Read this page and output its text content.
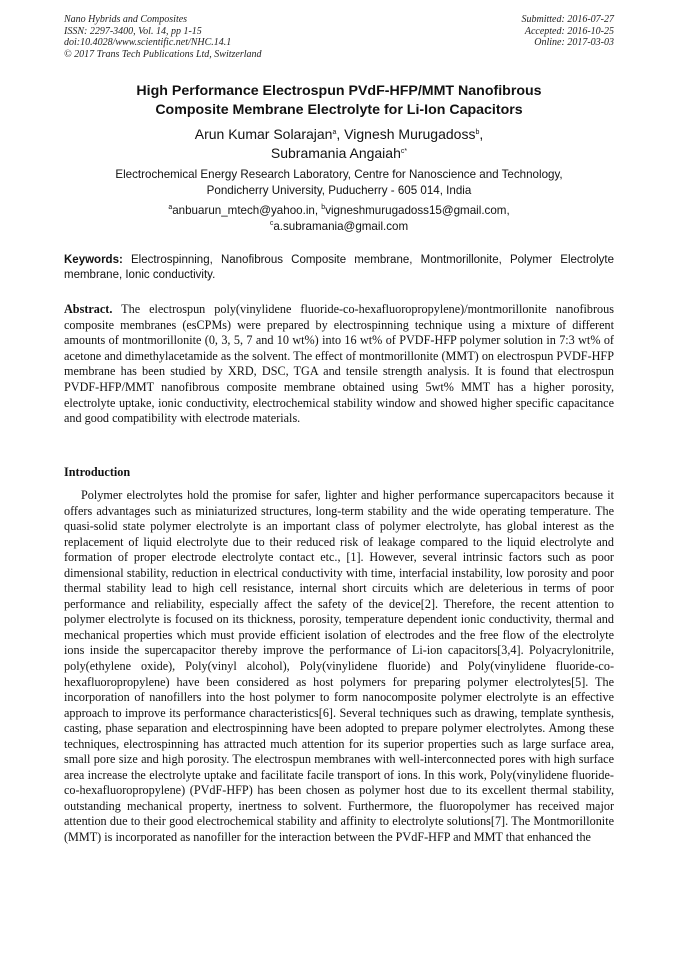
Nano Hybrids and Composites
ISSN: 2297-3400, Vol. 14, pp 1-15
doi:10.4028/www.scientific.net/NHC.14.1
© 2017 Trans Tech Publications Ltd, Switzerland
Submitted: 2016-07-27
Accepted: 2016-10-25
Online: 2017-03-03
High Performance Electrospun PVdF-HFP/MMT Nanofibrous
Composite Membrane Electrolyte for Li-Ion Capacitors
Arun Kumar Solarajan$^a$, Vignesh Murugadoss$^b$,
Subramania Angaiah$^{c*}$
Electrochemical Energy Research Laboratory, Centre for Nanoscience and Technology,
Pondicherry University, Puducherry - 605 014, India
$^a$anbuarun_mtech@yahoo.in, $^b$vigneshmurugadoss15@gmail.com,
$^c$a.subramania@gmail.com
Keywords: Electrospinning, Nanofibrous Composite membrane, Montmorillonite, Polymer Electrolyte membrane, Ionic conductivity.
Abstract. The electrospun poly(vinylidene fluoride-co-hexafluoropropylene)/montmorillonite nanofibrous composite membranes (esCPMs) were prepared by electrospinning technique using a mixture of different amounts of montmorillonite (0, 3, 5, 7 and 10 wt%) into 16 wt% of PVDF-HFP polymer solution in 7:3 wt% of acetone and dimethylacetamide as the solvent. The effect of montmorillonite (MMT) on electrospun PVDF-HFP membrane has been studied by XRD, DSC, TGA and tensile strength analysis. It is found that electrospun PVDF-HFP/MMT nanofibrous composite membrane obtained using 5wt% MMT has a higher porosity, electrolyte uptake, ionic conductivity, electrochemical stability window and showed higher specific capacitance and good compatibility with electrode materials.
Introduction
Polymer electrolytes hold the promise for safer, lighter and higher performance supercapacitors because it offers advantages such as miniaturized structures, long-term stability and the wide operating temperature. The quasi-solid state polymer electrolyte is an important class of polymer electrolyte, has global interest as the replacement of liquid electrolyte due to their reduced risk of leakage compared to the liquid electrolyte and formation of proper electrode electrolyte contact etc., [1]. However, several intrinsic factors such as poor dimensional stability, reduction in electrical conductivity with time, interfacial instability, low porosity and poor thermal stability lead to high cell resistance, internal short circuits which are deleterious in terms of poor performance and reliability, especially affect the safety of the device[2]. Therefore, the recent attention to polymer electrolyte is focused on its thickness, porosity, temperature dependent ionic conductivity, thermal and mechanical properties which must provide efficient isolation of electrodes and the free flow of the electrolyte ions inside the supercapacitor thereby improve the performance of Li-ion capacitors[3,4]. Polyacrylonitrile, poly(ethylene oxide), Poly(vinyl alcohol), Poly(vinylidene fluoride) and Poly(vinylidene fluoride-co-hexafluoropropylene) have been considered as host polymers for preparing polymer electrolytes[5]. The incorporation of nanofillers into the host polymer to form nanocomposite polymer electrolyte is an effective approach to improve its performance characteristics[6]. Several techniques such as drawing, template synthesis, casting, phase separation and electrospinning have been adopted to prepare polymer electrolytes. Among these techniques, electrospinning has attracted much attention for its superior properties such as large surface area, small pore size and high porosity. The electrospun membranes with well-interconnected pores with high surface area increase the electrolyte uptake and facilitate facile transport of ions. In this work, Poly(vinylidene fluoride-co-hexafluoropropylene) (PVdF-HFP) has been chosen as polymer host due to its excellent thermal stability, outstanding mechanical property, inertness to solvent. Furthermore, the fluoropolymer has received major attention due to their good electrochemical stability and affinity to electrolyte solutions[7]. The Montmorillonite (MMT) is incorporated as nanofiller for the interaction between the PVdF-HFP and MMT that enhanced the
